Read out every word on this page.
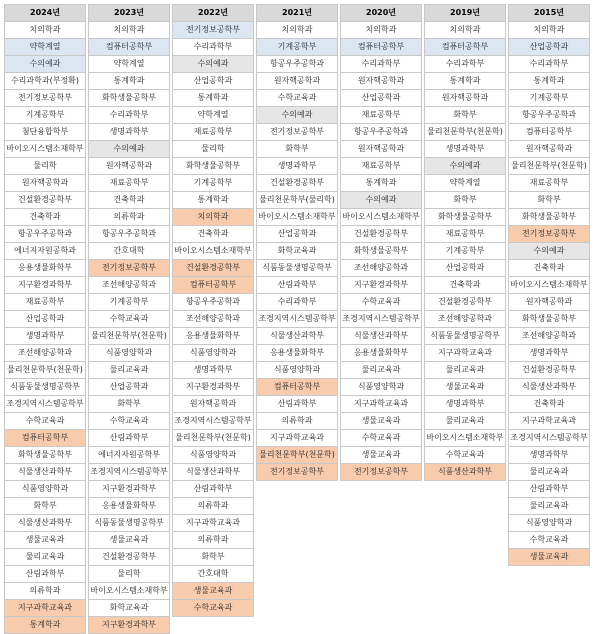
2024년
치의학과
약학계열
수의예과
수리과학과(부정확)
전기정보공학부
기계공학부
첨단융합학부
바이오시스템소재학부
물리학
원자핵공학과
건설환경공학부
건축학과
항공우주공학과
에너지자원공학과
응용생물화학부
지구환경과학부
재료공학부
산업공학과
생명과학부
조선해양공학과
물리천문학부(천문학)
식품동물생명공학부
조경지역시스템공학부
수학교육과
컴퓨터공학부
화학생물공학부
식물생산과학부
식품영양학과
화학부
식물생산과학부
생물교육과
물리교육과
산림과학부
의류학과
지구과학교육과
통계학과
2023년
치의학과
컴퓨터공학부
약학계열
통계학과
화학생물공학부
수리과학부
생명과학부
수의예과
원자핵공학과
재료공학부
건축학과
의류학과
항공우주공학과
간호대학
전기정보공학부
조선해양공학과
기계공학부
수학교육과
물리천문학부(천문학)
식품영양학과
물리교육과
산업공학과
화학부
수학교육과
산림과학부
에너지자원공학부
조경지역시스템공학부
지구환경과학부
응용생물화학부
식품동물생명공학부
생물교육과
건설환경공학부
물리학
바이오시스템소재학부
화학교육과
지구환경과학부
2022년
전기정보공학부
수리과학부
수의예과
산업공학과
통계학과
약학계열
재료공학부
물리학
화학생물공학부
기계공학부
통계학과
치의학과
건축학과
바이오시스템소재학부
건설환경공학부
컴퓨터공학부
항공우주공학과
조선해양공학과
응용생물화학부
식품영양학과
생명과학부
지구환경과학부
원자핵공학과
조경지역시스템공학부
물리천문학부(천문학)
식품영양학과
식물생산과학부
산림과학부
의류학과
지구과학교육과
의류학과
화학부
간호대학
생물교육과
수학교육과
2021년
치의학과
기계공학부
항공우주공학과
원자핵공학과
수학교육과
수의예과
전기정보공학부
화학부
생명과학부
건설환경공학부
물리천문학부(물리학)
바이오시스템소재학부
산업공학과
화학교육과
식품동물생명공학부
산림과학부
수리과학부
조경지역시스템공학부
식물생산과학부
응용생물화학부
식품영양학과
컴퓨터공학부
산림과학부
의류학과
지구과학교육과
물리천문학부(천문학)
전기정보공학부
2020년
치의학과
컴퓨터공학부
수리과학부
원자핵공학과
산업공학과
재료공학부
항공우주공학과
원자핵공학과
재료공학부
통계학과
수의예과
바이오시스템소재학부
건설환경공학부
화학생물공학부
조선해양공학과
지구환경과학부
수학교육과
조경지역시스템공학부
식물생산과학부
응용생물화학부
물리교육과
식품영양학과
지구과학교육과
생물교육과
수학교육과
생물교육과
전기정보공학부
2019년
치의학과
컴퓨터공학부
수리과학부
통계학과
원자핵공학과
화학부
물리천문학부(천문학)
생명과학부
수의예과
약학계열
화학부
화학생물공학부
재료공학부
기계공학부
산업공학과
건축학과
건설환경공학부
조선해양공학과
식품동물생명공학부
지구과학교육과
물리교육과
생물교육과
생명과학부
물리교육과
바이오시스템소재학부
수학교육과
식품생산과학부
2015년
치의학과
산업공학과
수리과학부
통계학과
기계공학부
항공우주공학과
컴퓨터공학부
원자핵공학과
물리천문학부(천문학)
재료공학부
화학부
화학생물공학부
전기정보공학부
수의예과
건축학과
바이오시스템소재학부
원자핵공학과
화학생물공학부
조선해양공학과
생명과학부
건설환경공학부
식물생산과학부
건축학과
지구과학교육과
조경지역시스템공학부
생명과학부
물리교육과
산림과학부
물리교육과
식품영양학과
수학교육과
생물교육과
